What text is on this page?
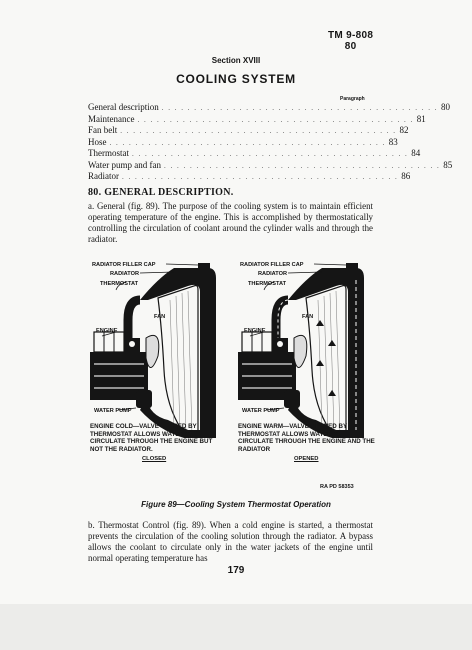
TM 9-808
80
Section XVIII
COOLING SYSTEM
Paragraph
General description . . . . . . . . . . . . . . . . . . . . . . . . . . . . . . . . . . . . . . . . . . . 80
Maintenance . . . . . . . . . . . . . . . . . . . . . . . . . . . . . . . . . . . . . . . . . . . 81
Fan belt . . . . . . . . . . . . . . . . . . . . . . . . . . . . . . . . . . . . . . . . . . . 82
Hose . . . . . . . . . . . . . . . . . . . . . . . . . . . . . . . . . . . . . . . . . . . 83
Thermostat . . . . . . . . . . . . . . . . . . . . . . . . . . . . . . . . . . . . . . . . . . . 84
Water pump and fan . . . . . . . . . . . . . . . . . . . . . . . . . . . . . . . . . . . . . . . . . . . 85
Radiator . . . . . . . . . . . . . . . . . . . . . . . . . . . . . . . . . . . . . . . . . . . 86
80. GENERAL DESCRIPTION.
a. General (fig. 89). The purpose of the cooling system is to maintain efficient operating temperature of the engine. This is accomplished by thermostatically controlling the circulation of coolant around the cylinder walls and through the radiator.
RADIATOR FILLER CAP
RADIATOR
THERMOSTAT
FAN
ENGINE
WATER PUMP
RADIATOR FILLER CAP
RADIATOR
THERMOSTAT
FAN
ENGINE
WATER PUMP
ENGINE COLD—VALVE CLOSED BY THERMOSTAT ALLOWS WATER TO CIRCULATE THROUGH THE ENGINE BUT NOT THE RADIATOR.
CLOSED
ENGINE WARM—VALVE OPENED BY THERMOSTAT ALLOWS WATER TO CIRCULATE THROUGH THE ENGINE AND THE RADIATOR
OPENED
RA PD 58353
Figure 89—Cooling System Thermostat Operation
b. Thermostat Control (fig. 89). When a cold engine is started, a thermostat prevents the circulation of the cooling solution through the radiator. A bypass allows the coolant to circulate only in the water jackets of the engine until normal operating temperature has
179
